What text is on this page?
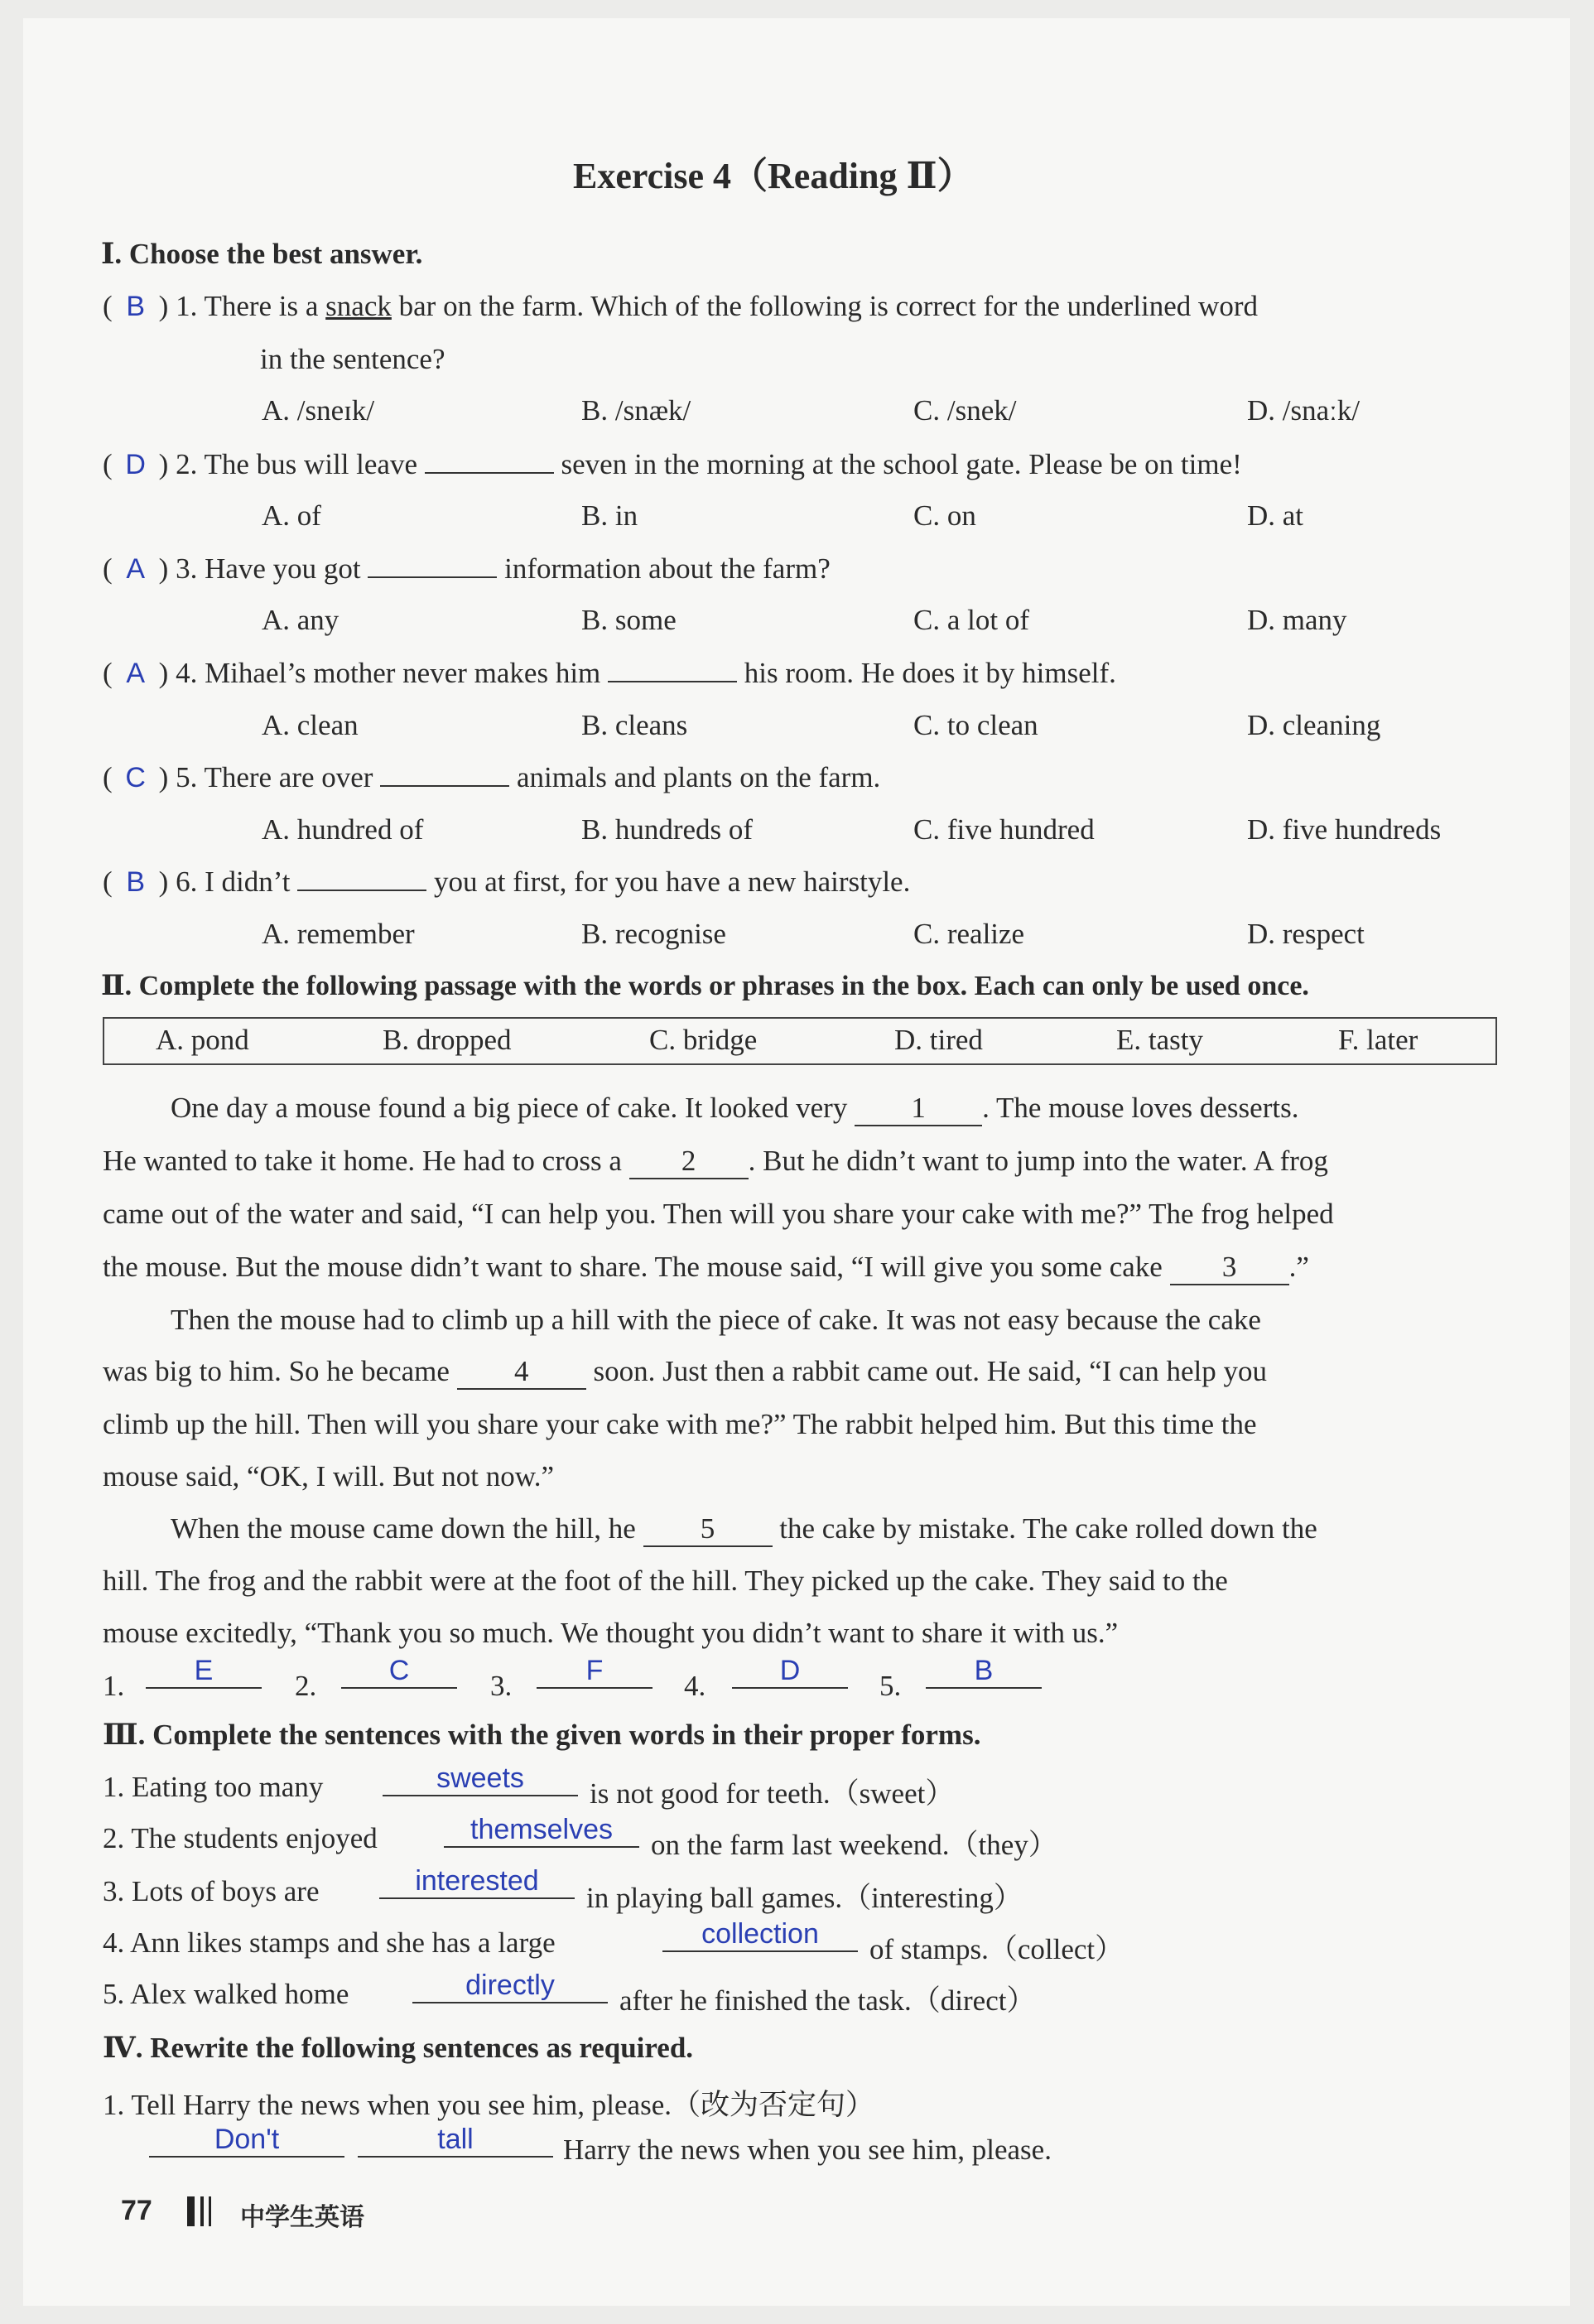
Exercise 4（Reading Ⅱ）
Ⅰ. Choose the best answer.
( B ) 1. There is a snack bar on the farm. Which of the following is correct for the underlined word
in the sentence?
A. /sneɪk/	B. /snæk/	C. /snek/	D. /snaːk/
( D ) 2. The bus will leave	seven in the morning at the school gate. Please be on time!
A. of	B. in	C. on	D. at
( A ) 3. Have you got	information about the farm?
A. any	B. some	C. a lot of	D. many
( A ) 4. Mihael’s mother never makes him	his room. He does it by himself.
A. clean	B. cleans	C. to clean	D. cleaning
( C ) 5. There are over	animals and plants on the farm.
A. hundred of	B. hundreds of	C. five hundred	D. five hundreds
( B ) 6. I didn’t	you at first, for you have a new hairstyle.
A. remember	B. recognise	C. realize	D. respect
Ⅱ. Complete the following passage with the words or phrases in the box. Each can only be used once.
A. pond	B. dropped	C. bridge	D. tired	E. tasty	F. later
One day a mouse found a big piece of cake. It looked very 1 . The mouse loves desserts.
He wanted to take it home. He had to cross a 2 . But he didn’t want to jump into the water. A frog
came out of the water and said, “I can help you. Then will you share your cake with me?” The frog helped
the mouse. But the mouse didn’t want to share. The mouse said, “I will give you some cake 3 .”
Then the mouse had to climb up a hill with the piece of cake. It was not easy because the cake
was big to him. So he became 4 soon. Just then a rabbit came out. He said, “I can help you
climb up the hill. Then will you share your cake with me?” The rabbit helped him. But this time the
mouse said, “OK, I will. But not now.”
When the mouse came down the hill, he 5 the cake by mistake. The cake rolled down the
hill. The frog and the rabbit were at the foot of the hill. They picked up the cake. They said to the
mouse excitedly, “Thank you so much. We thought you didn’t want to share it with us.”
1.	E	2.	C	3.	F	4.	D	5.	B
Ⅲ. Complete the sentences with the given words in their proper forms.
1. Eating too many	sweets	is not good for teeth.（sweet）
2. The students enjoyed	themselves	on the farm last weekend.（they）
3. Lots of boys are	interested
in playing ball games.（interesting）
4. Ann likes stamps and she has a large	collection	of stamps.（collect）
5. Alex walked home	directly	after he finished the task.（direct）
Ⅳ. Rewrite the following sentences as required.
1. Tell Harry the news when you see him, please.（改为否定句）
Don't	tall	Harry the news when you see him, please.
77	中学生英语
